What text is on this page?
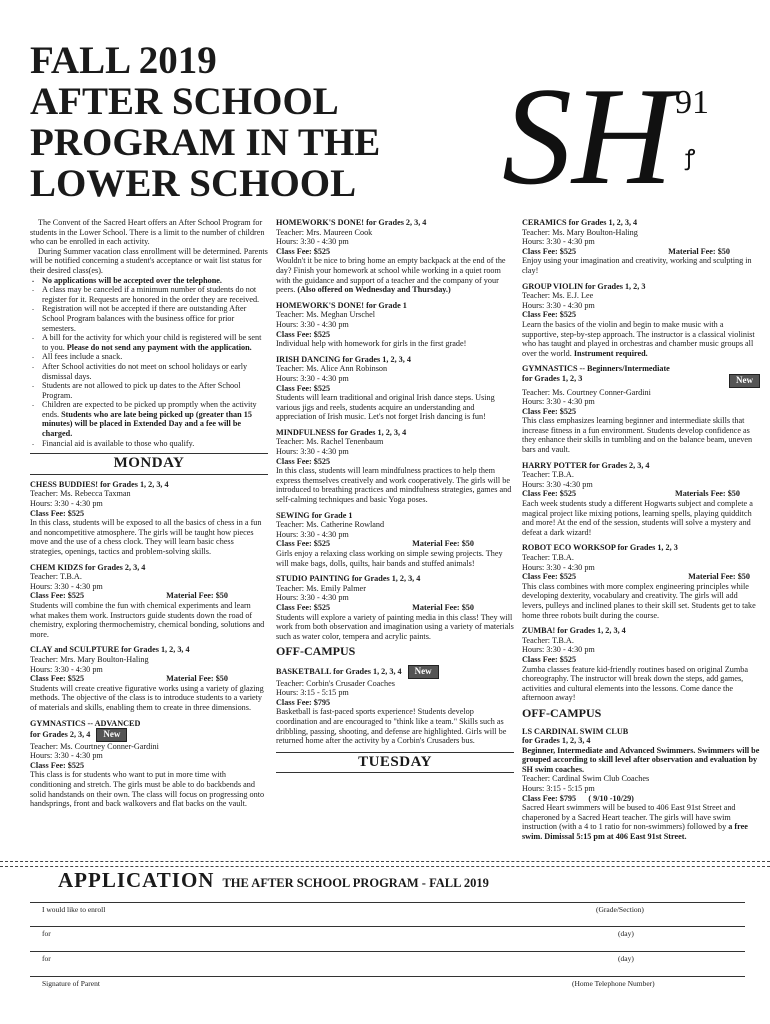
FALL 2019
AFTER SCHOOL
PROGRAM IN THE
LOWER SCHOOL SH 91
ꝭ

The Convent of the Sacred Heart offers an After School Program for students in the Lower School. There is a limit to the number of children who can be enrolled in each activity.

During Summer vacation class enrollment will be determined. Parents will be notified concerning a student's acceptance or wait list status for their desired class(es).

. No applications will be accepted over the telephone.

. A class may be canceled if a minimum number of students do not register for it. Requests are honored in the order they are received.

. Registration will not be accepted if there are outstanding After School Program balances with the business office for prior semesters.

. A bill for the activity for which your child is registered will be sent to you. Please do not send any payment with the application.

. All fees include a snack.

. After School activities do not meet on school holidays or early dismissal days.

. Students are not allowed to pick up dates to the After School Program.

. Children are expected to be picked up promptly when the activity ends. Students who are late being picked up (greater than 15 minutes) will be placed in Extended Day and a fee will be charged.

. Financial aid is available to those who qualify.

MONDAY

CHESS BUDDIES! for Grades 1, 2, 3, 4

Teacher: Ms. Rebecca Taxman

Hours: 3:30 - 4:30 pm

Class Fee: $525

In this class, students will be exposed to all the basics of chess in a fun and noncompetitive atmosphere. The girls will be taught how pieces move and the use of a chess clock. They will learn basic chess strategies, openings, tactics and problem-solving skills.

CHEM KIDZS for Grades 2, 3, 4

Teacher: T.B.A.

Hours: 3:30 - 4:30 pm

Class Fee: $525	Material Fee: $50

Students will combine the fun with chemical experiments and learn what makes them work. Instructors guide students down the road of chemistry, exploring thermochemistry, chemical bonding, solutions and more.

CLAY and SCULPTURE for Grades 1, 2, 3, 4

Teacher: Mrs. Mary Boulton-Haling

Hours: 3:30 - 4:30 pm

Class Fee: $525	Material Fee: $50

Students will create creative figurative works using a variety of glazing methods. The objective of the class is to introduce students to a variety of materials and skills, enabling them to create in three dimensions.

GYMNASTICS -- ADVANCED

for Grades 2, 3, 4 New

Teacher: Ms. Courtney Conner-Gardini

Hours: 3:30 - 4:30 pm

Class Fee: $525

This class is for students who want to put in more time with conditioning and stretch. The girls must be able to do backbends and solid handstands on their own. The class will focus on progressing onto handsprings, front and back walkovers and flat backs on the vault.

HOMEWORK'S DONE! for Grades 2, 3, 4

Teacher: Mrs. Maureen Cook

Hours: 3:30 - 4:30 pm

Class Fee: $525

Wouldn't it be nice to bring home an empty backpack at the end of the day? Finish your homework at school while working in a quiet room with the guidance and support of a teacher and the company of your peers. (Also offered on Wednesday and Thursday.)

HOMEWORK'S DONE! for Grade 1

Teacher: Ms. Meghan Urschel

Hours: 3:30 - 4:30 pm

Class Fee: $525

Individual help with homework for girls in the first grade!

IRISH DANCING for Grades 1, 2, 3, 4

Teacher: Ms. Alice Ann Robinson

Hours: 3:30 - 4:30 pm

Class Fee: $525

Students will learn traditional and original Irish dance steps. Using various jigs and reels, students acquire an understanding and appreciation of Irish music. Let's not forget Irish dancing is fun!

MINDFULNESS for Grades 1, 2, 3, 4

Teacher: Ms. Rachel Tenenbaum

Hours: 3:30 - 4:30 pm

Class Fee: $525

In this class, students will learn mindfulness practices to help them express themselves creatively and work cooperatively. The girls will be introduced to breathing practices and mindfulness strategies, games and self-calming techniques and basic Yoga poses.

SEWING for Grade 1

Teacher: Ms. Catherine Rowland

Hours: 3:30 - 4:30 pm

Class Fee: $525	Material Fee: $50

Girls enjoy a relaxing class working on simple sewing projects. They will make bags, dolls, quilts, hair bands and stuffed animals!

STUDIO PAINTING for Grades 1, 2, 3, 4

Teacher: Ms. Emily Palmer

Hours: 3:30 - 4:30 pm

Class Fee: $525	Material Fee: $50

Students will explore a variety of painting media in this class! They will work from both observation and imagination using a variety of materials such as water color, tempera and acrylic paints.

OFF-CAMPUS

BASKETBALL for Grades 1, 2, 3, 4 New

Teacher: Corbin's Crusader Coaches

Hours: 3:15 - 5:15 pm

Class Fee: $795

Basketball is fast-paced sports experience! Students develop coordination and are encouraged to "think like a team." Skills such as dribbling, passing, shooting, and defense are highlighted. Girls will be returned home after the activity by a Corbin's Crusaders bus.

TUESDAY

CERAMICS for Grades 1, 2, 3, 4

Teacher: Ms. Mary Boulton-Haling

Hours: 3:30 - 4:30 pm

Class Fee: $525	Material Fee: $50

Enjoy using your imagination and creativity, working and sculpting in clay!

GROUP VIOLIN for Grades 1, 2, 3

Teacher: Ms. E.J. Lee

Hours: 3:30 - 4:30 pm

Class Fee: $525

Learn the basics of the violin and begin to make music with a supportive, step-by-step approach. The instructor is a classical violinist who has taught and played in orchestras and chamber music groups all over the world. Instrument required.

GYMNASTICS -- Beginners/Intermediate

for Grades 1, 2, 3	New

Teacher: Ms. Courtney Conner-Gardini

Hours: 3:30 - 4:30 pm

Class Fee: $525

This class emphasizes learning beginner and intermediate skills that increase fitness in a fun environment. Students develop confidence as they enhance their skills in tumbling and on the balance beam, uneven bars and vault.

HARRY POTTER for Grades 2, 3, 4

Teacher: T.B.A.

Hours: 3:30 -4:30 pm

Class Fee: $525	Materials Fee: $50

Each week students study a different Hogwarts subject and complete a magical project like mixing potions, learning spells, playing quidditch and more! At the end of the session, students will solve a mystery and defeat a dark wizard!

ROBOT ECO WORKSOP for Grades 1, 2, 3

Teacher: T.B.A.

Hours: 3:30 - 4:30 pm

Class Fee: $525	Material Fee: $50

This class combines with more complex engineering principles while developing dexterity, vocabulary and creativity. The girls will add levers, pulleys and inclined planes to their skill set. Students get to take home three robots built during the course.

ZUMBA! for Grades 1, 2, 3, 4

Teacher: T.B.A.

Hours: 3:30 - 4:30 pm

Class Fee: $525

Zumba classes feature kid-friendly routines based on original Zumba choreography. The instructor will break down the steps, add games, activities and cultural elements into the lessons. Come dance the afternoon away!

OFF-CAMPUS

LS CARDINAL SWIM CLUB

for Grades 1, 2, 3, 4

Beginner, Intermediate and Advanced Swimmers. Swimmers will be grouped according to skill level after observation and evaluation by SH swim coaches.

Teacher: Cardinal Swim Club Coaches

Hours: 3:15 - 5:15 pm

Class Fee: $795 ( 9/10 -10/29)

Sacred Heart swimmers will be bused to 406 East 91st Street and chaperoned by a Sacred Heart teacher. The girls will have swim instruction (with a 4 to 1 ratio for non-swimmers) followed by a free swim. Dimissal 5:15 pm at 406 East 91st Street.

APPLICATION THE AFTER SCHOOL PROGRAM - FALL 2019
I would like to enroll	(Grade/Section)
for	(day)
for	(day)
Signature of Parent	(Home Telephone Number)
